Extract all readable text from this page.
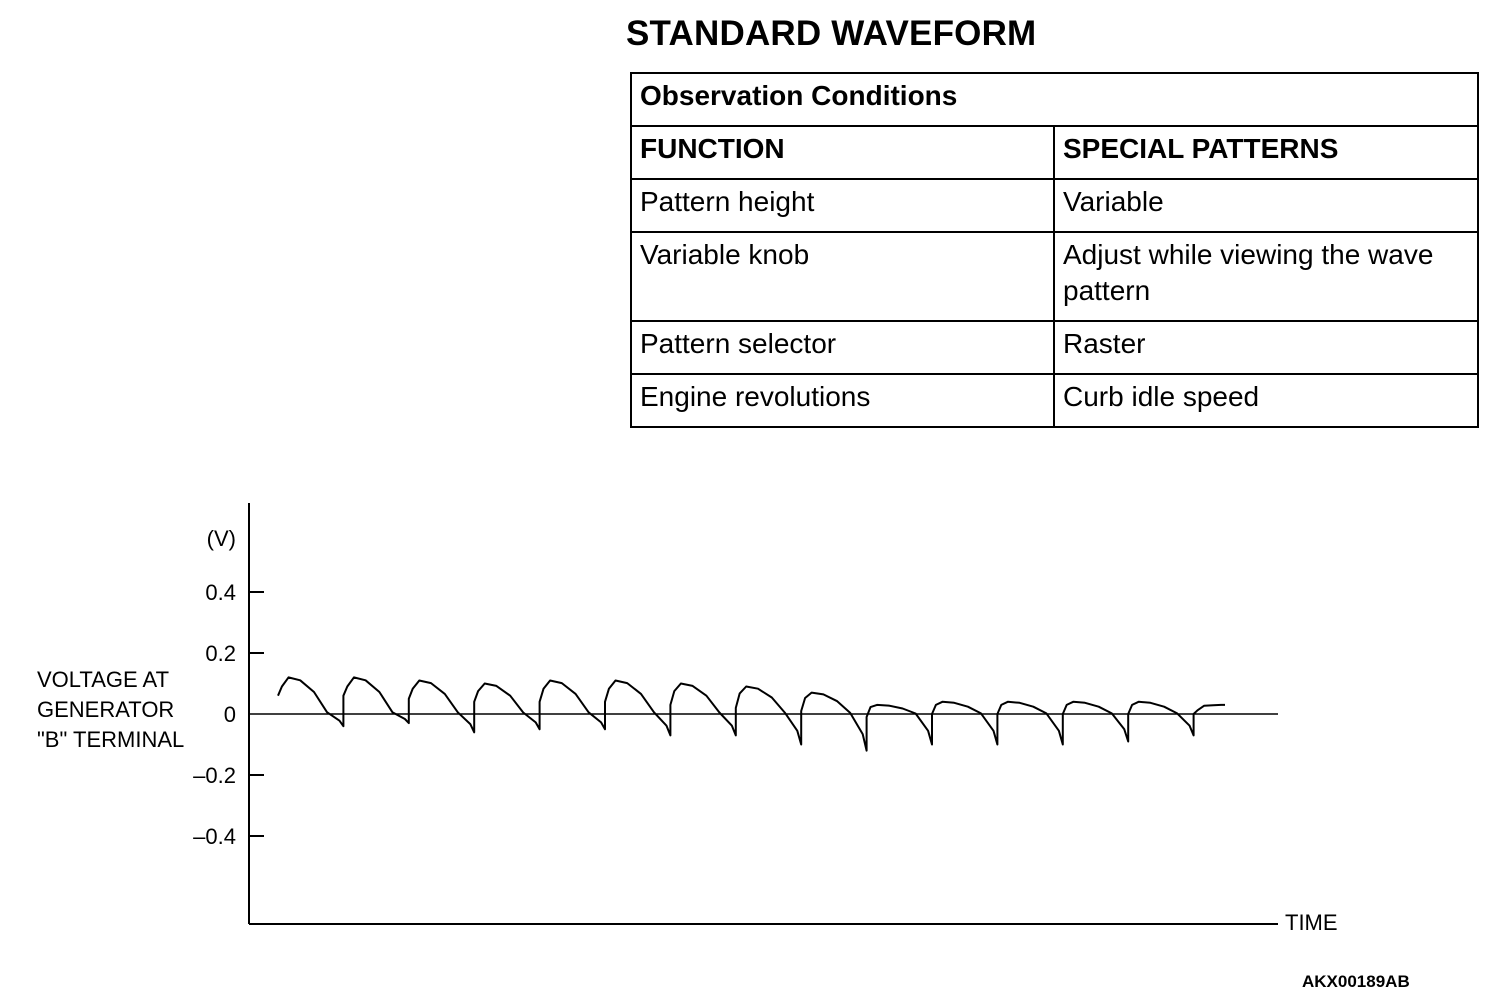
STANDARD WAVEFORM
Observation Conditions	
FUNCTION	SPECIAL PATTERNS
Pattern height	Variable
Variable knob	Adjust while viewing the wave pattern
Pattern selector	Raster
Engine revolutions	Curb idle speed
(V)
0.4
0.2
0
–0.2
–0.4
VOLTAGE AT
GENERATOR
"B" TERMINAL
TIME
AKX00189AB
